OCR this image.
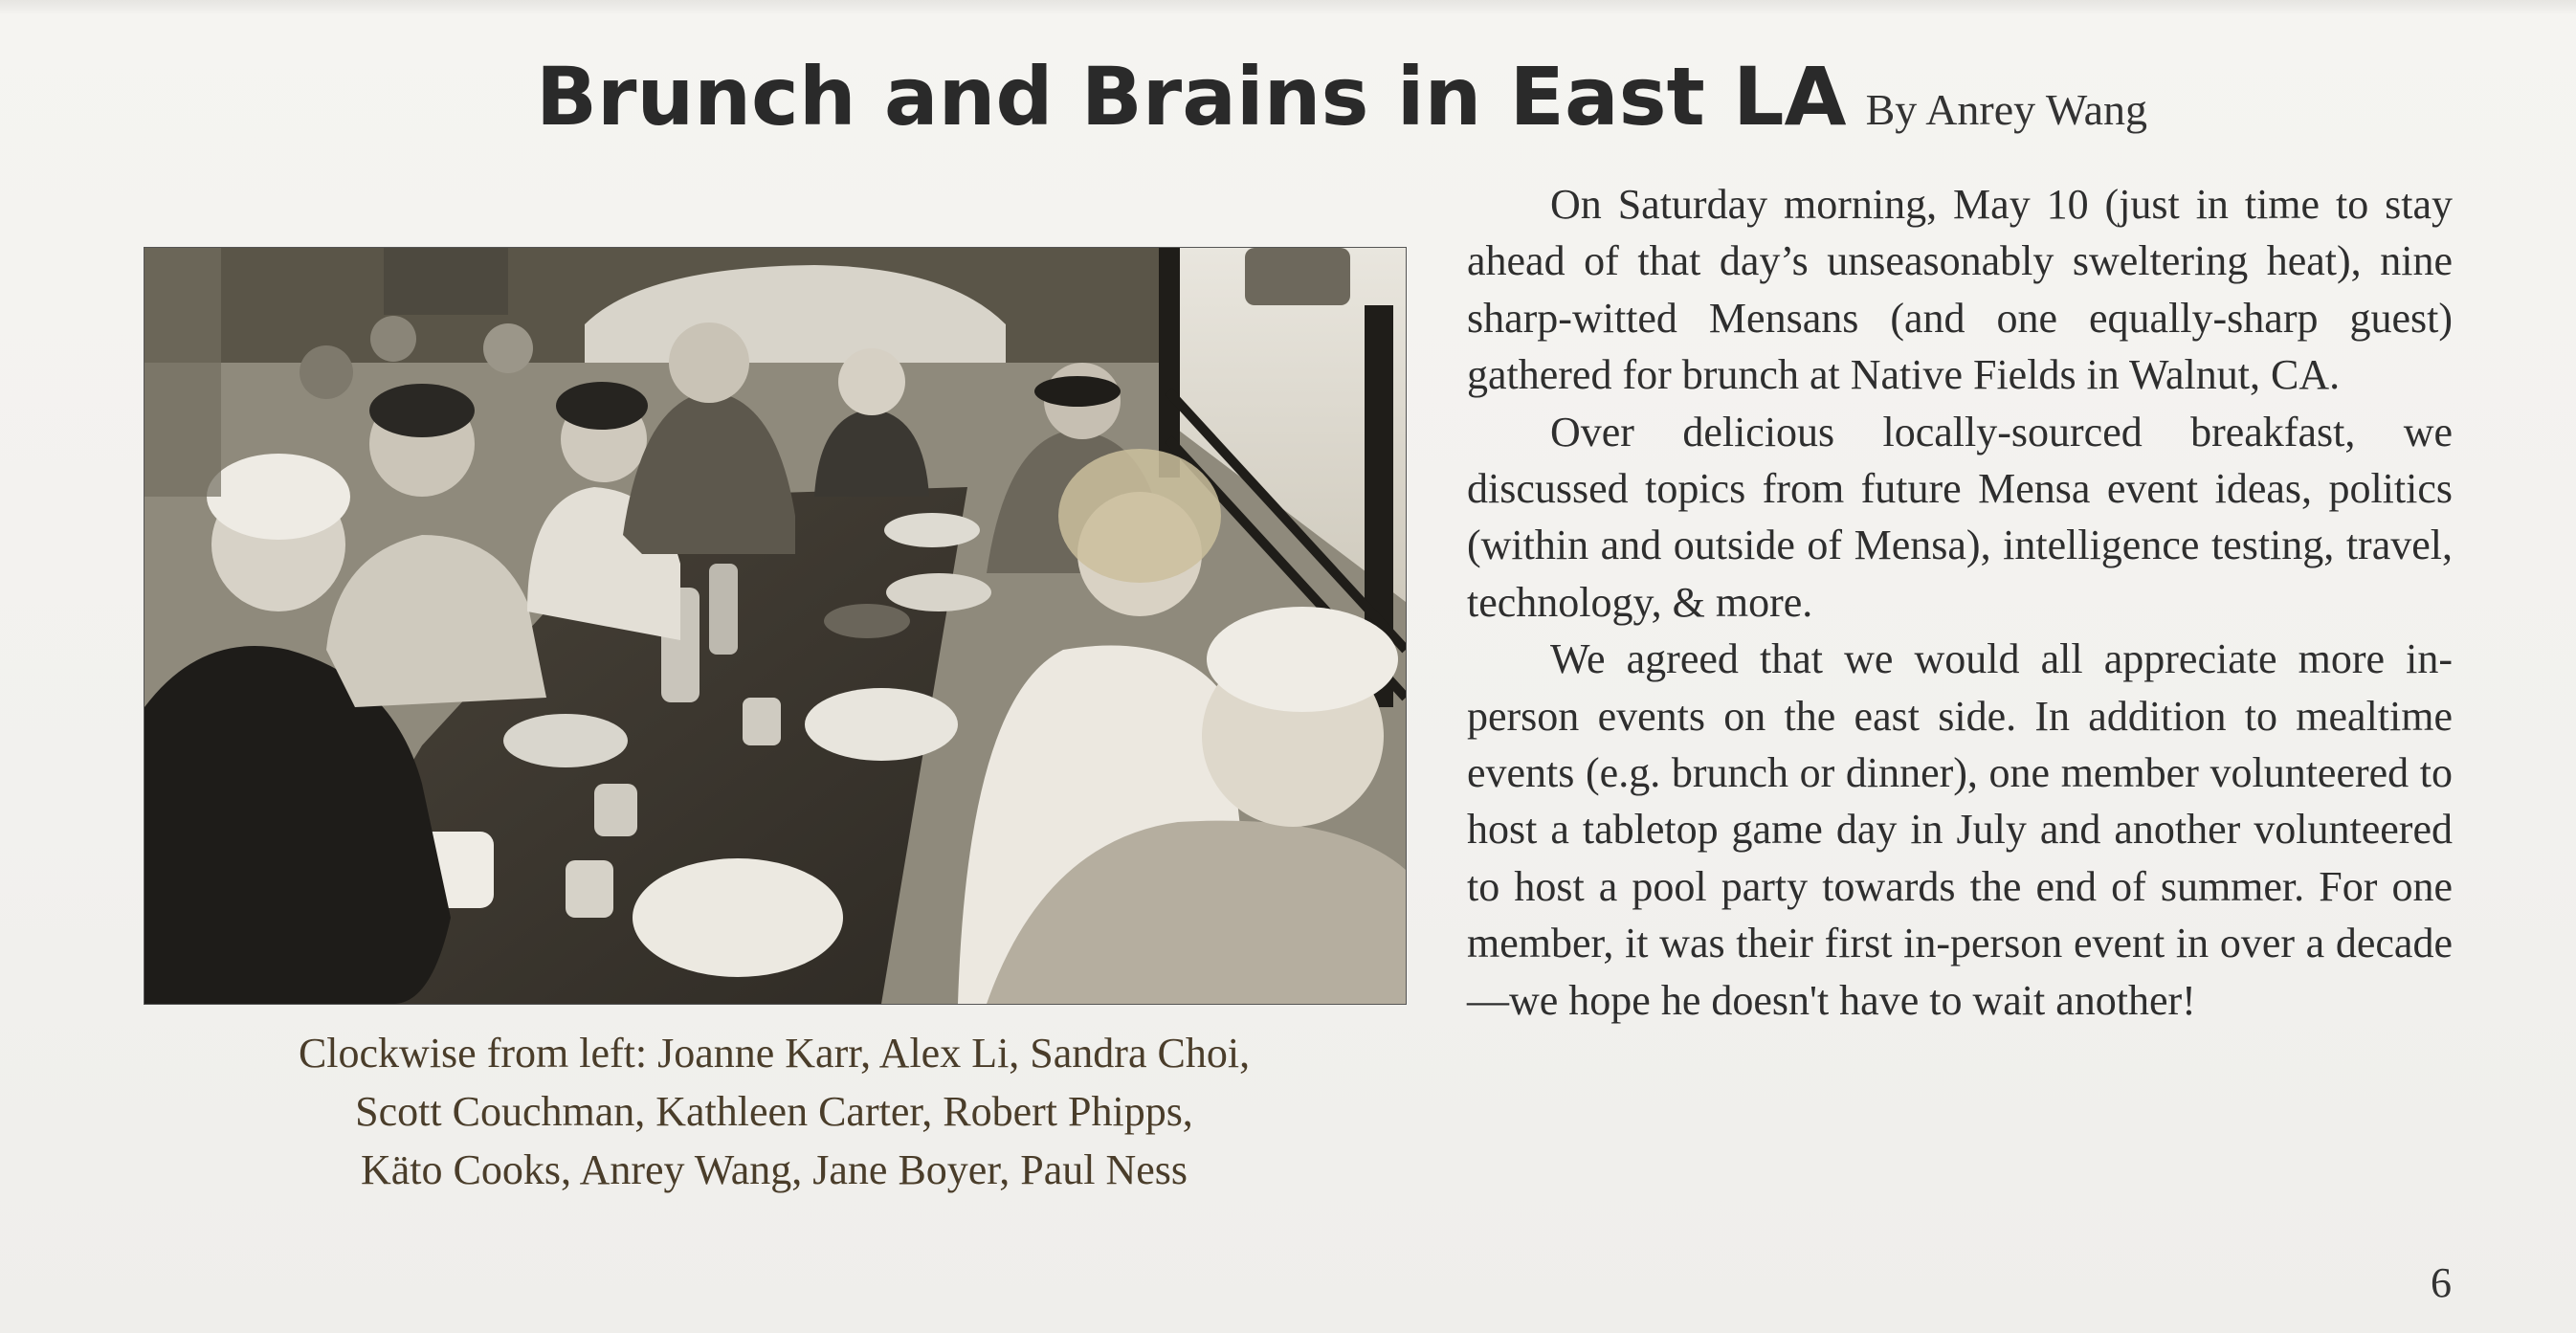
Brunch and Brains in East LA By Anrey Wang

Clockwise from left: Joanne Karr, Alex Li, Sandra Choi,

Scott Couchman, Kathleen Carter, Robert Phipps,

Käto Cooks, Anrey Wang, Jane Boyer, Paul Ness

On Saturday morning, May 10 (just in time to stay ahead of that day’s unseasonably sweltering heat), nine sharp-witted Mensans (and one equally-sharp guest) gathered for brunch at Native Fields in Walnut, CA.

Over delicious locally-sourced breakfast, we discussed topics from future Mensa event ideas, politics (within and outside of Mensa), intelligence testing, travel, technology, & more.

We agreed that we would all appreciate more in-person events on the east side. In addition to mealtime events (e.g. brunch or dinner), one member volunteered to host a tabletop game day in July and another volunteered to host a pool party towards the end of summer. For one member, it was their first in-person event in over a decade—we hope he doesn't have to wait another!

6
